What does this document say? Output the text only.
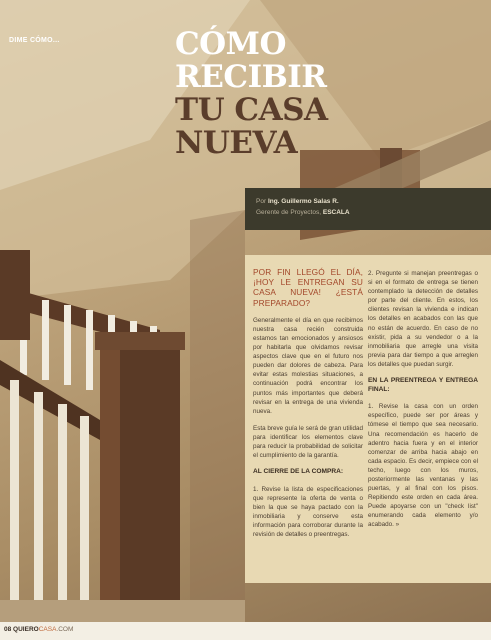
DIME CÓMO...	CÓMO
RECIBIR
TU CASA
NUEVA
Por Ing. Guillermo Salas R.
Gerente de Proyectos, ESCALA

POR FIN LLEGÓ EL DÍA, ¡HOY LE ENTREGAN SU CASA NUEVA! ¿ESTÁ PREPARADO?

Generalmente el día en que recibimos nuestra casa recién construida estamos tan emocionados y ansiosos por habitarla que olvidamos revisar aspectos clave que en el futuro nos pueden dar dolores de cabeza. Para evitar estas molestias situaciones, a continuación podrá encontrar los puntos más importantes que deberá revisar en la entrega de una vivienda nueva.

Esta breve guía le será de gran utilidad para identificar los elementos clave para reducir la probabilidad de solicitar el cumplimiento de la garantía.

AL CIERRE DE LA COMPRA:

1. Revise la lista de especificaciones que represente la oferta de venta o bien la que se haya pactado con la inmobiliaria y conserve esta información para corroborar durante la revisión de detalles o preentregas.

2. Pregunte si manejan preentregas o si en el formato de entrega se tienen contemplado la detección de detalles por parte del cliente. En estos, los clientes revisan la vivienda e indican los detalles en acabados con las que no están de acuerdo. En caso de no existir, pida a su vendedor o a la inmobiliaria que arregle una visita previa para dar tiempo a que arreglen los detalles que puedan surgir.

EN LA PREENTREGA Y ENTREGA FINAL:

1. Revise la casa con un orden específico, puede ser por áreas y tómese el tiempo que sea necesario. Una recomendación es hacerlo de adentro hacia fuera y en el interior comenzar de arriba hacia abajo en cada espacio. Es decir, empiece con el techo, luego con los muros, posteriormente las ventanas y las puertas, y al final con los pisos. Repitiendo este orden en cada área. Puede apoyarse con un "check list" enumerando cada elemento y/o acabado. »

08 QUIEROCASA.COM
